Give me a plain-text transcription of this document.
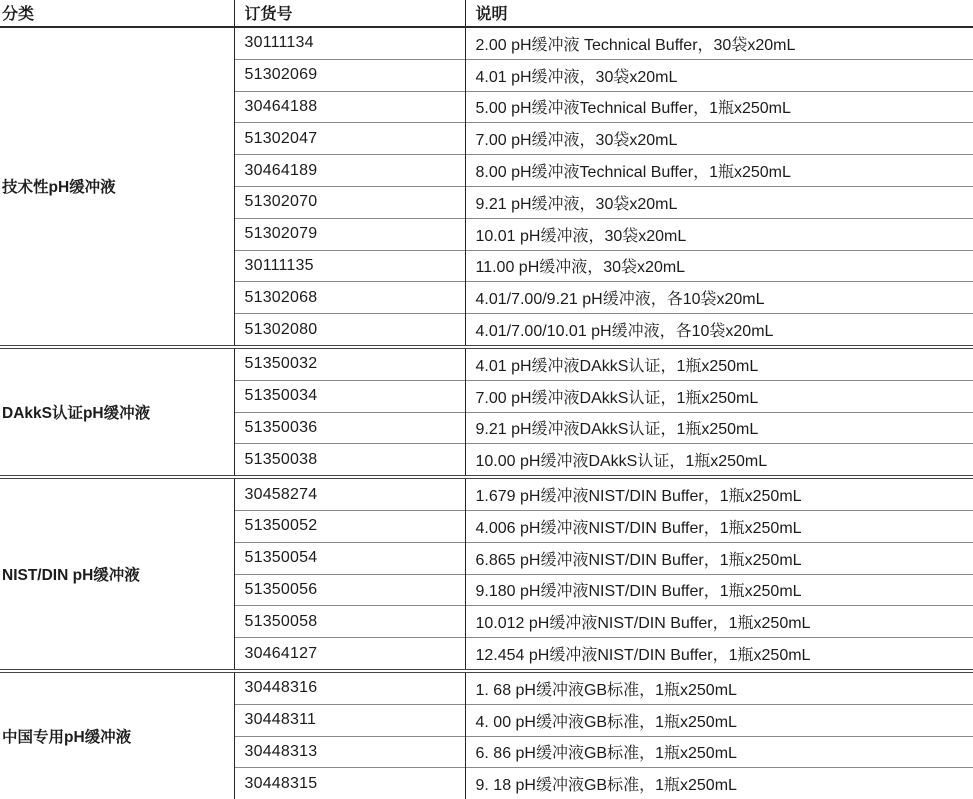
分类	订货号	说明
技术性pH缓冲液	30111134	2.00 pH缓冲液 Technical Buffer，30袋x20mL
	51302069	4.01 pH缓冲液，30袋x20mL
	30464188	5.00 pH缓冲液Technical Buffer，1瓶x250mL
	51302047	7.00 pH缓冲液，30袋x20mL
	30464189	8.00 pH缓冲液Technical Buffer，1瓶x250mL
	51302070	9.21 pH缓冲液，30袋x20mL
	51302079	10.01 pH缓冲液，30袋x20mL
	30111135	11.00 pH缓冲液，30袋x20mL
	51302068	4.01/7.00/9.21 pH缓冲液，各10袋x20mL
	51302080	4.01/7.00/10.01 pH缓冲液，各10袋x20mL
DAkkS认证pH缓冲液	51350032	4.01 pH缓冲液DAkkS认证，1瓶x250mL
	51350034	7.00 pH缓冲液DAkkS认证，1瓶x250mL
	51350036	9.21 pH缓冲液DAkkS认证，1瓶x250mL
	51350038	10.00 pH缓冲液DAkkS认证，1瓶x250mL
NIST/DIN pH缓冲液	30458274	1.679 pH缓冲液NIST/DIN Buffer，1瓶x250mL
	51350052	4.006 pH缓冲液NIST/DIN Buffer，1瓶x250mL
	51350054	6.865 pH缓冲液NIST/DIN Buffer，1瓶x250mL
	51350056	9.180 pH缓冲液NIST/DIN Buffer，1瓶x250mL
	51350058	10.012 pH缓冲液NIST/DIN Buffer，1瓶x250mL
	30464127	12.454 pH缓冲液NIST/DIN Buffer，1瓶x250mL
中国专用pH缓冲液	30448316	1. 68 pH缓冲液GB标准，1瓶x250mL
	30448311	4. 00 pH缓冲液GB标准，1瓶x250mL
	30448313	6. 86 pH缓冲液GB标准，1瓶x250mL
	30448315	9. 18 pH缓冲液GB标准，1瓶x250mL
